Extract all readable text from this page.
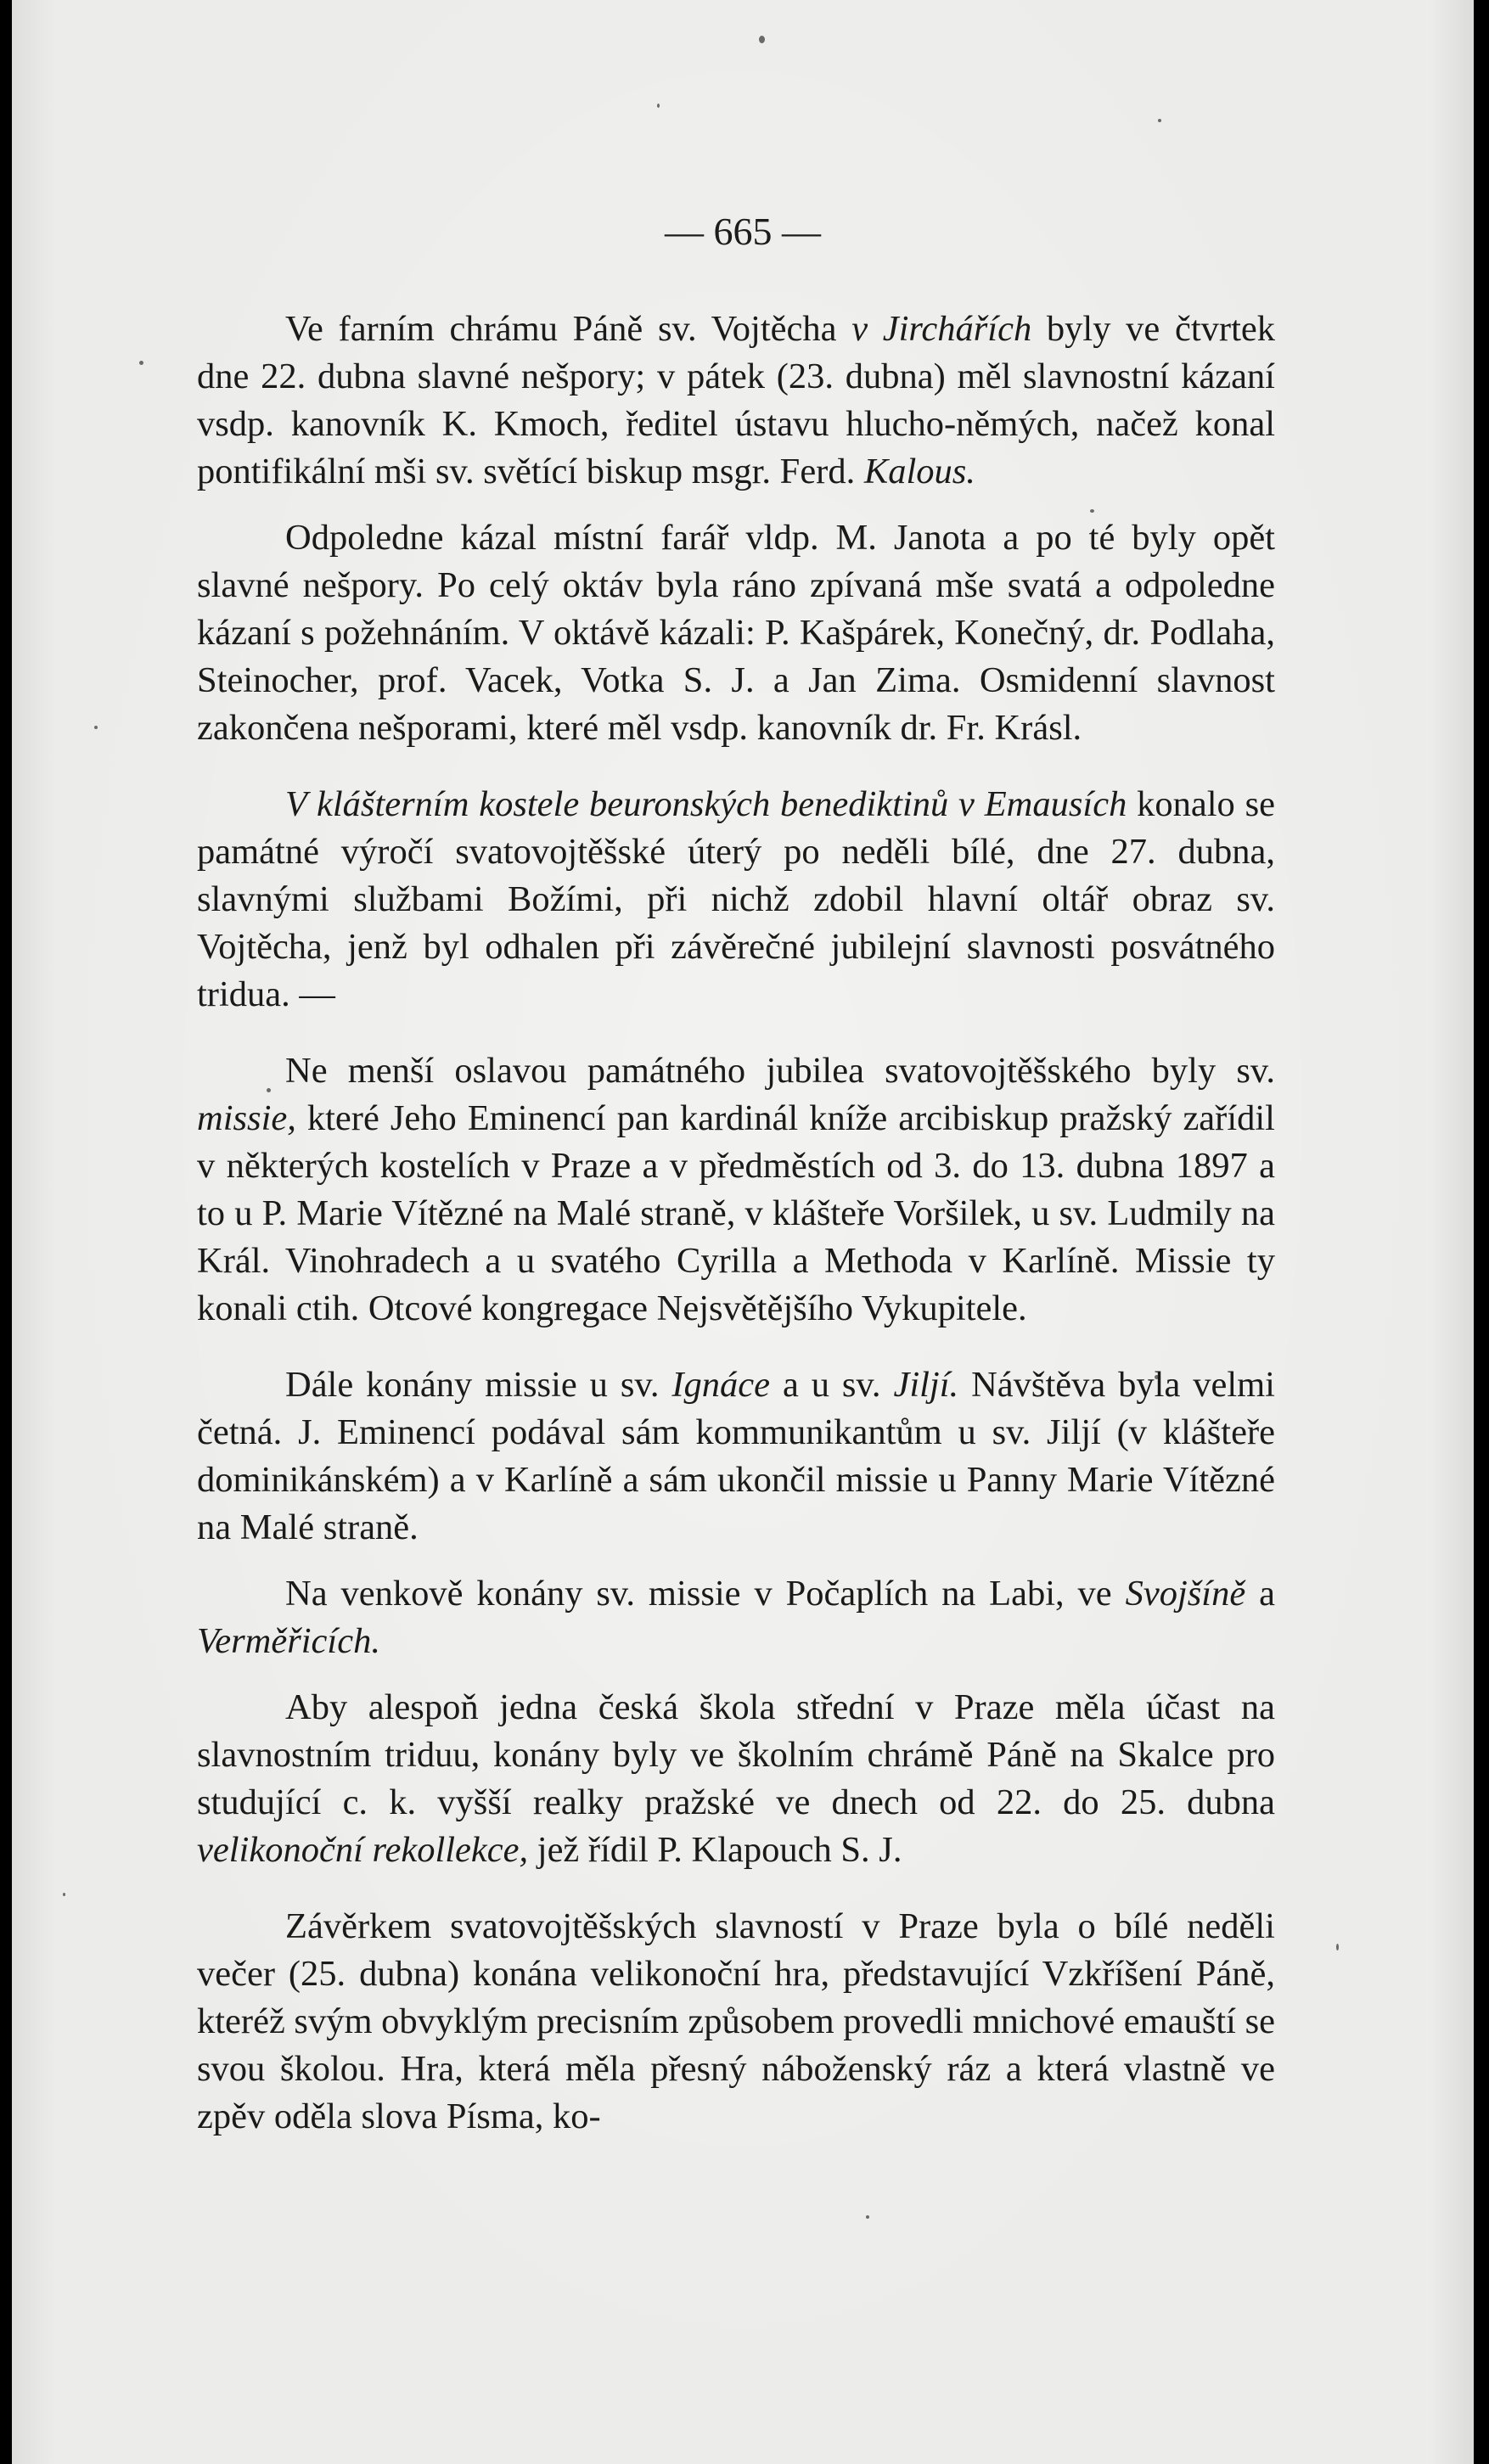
— 665 —

Ve farním chrámu Páně sv. Vojtěcha v Jirchářích byly ve čtvrtek dne 22. dubna slavné nešpory; v pátek (23. dubna) měl slavnostní kázaní vsdp. kanovník K. Kmoch, ředitel ústavu hlucho-němých, načež konal pontifikální mši sv. světící biskup msgr. Ferd. Kalous.

Odpoledne kázal místní farář vldp. M. Janota a po té byly opět slavné nešpory. Po celý oktáv byla ráno zpívaná mše svatá a odpoledne kázaní s požehnáním. V oktávě kázali: P. Kašpárek, Konečný, dr. Podlaha, Steinocher, prof. Vacek, Votka S. J. a Jan Zima. Osmidenní slavnost zakončena nešporami, které měl vsdp. kanovník dr. Fr. Krásl.

V klášterním kostele beuronských benediktinů v Emausích konalo se památné výročí svatovojtěšské úterý po neděli bílé, dne 27. dubna, slavnými službami Božími, při nichž zdobil hlavní oltář obraz sv. Vojtěcha, jenž byl odhalen při závěrečné jubilejní slavnosti posvátného tridua. —

Ne menší oslavou památného jubilea svatovojtěšského byly sv. missie, které Jeho Eminencí pan kardinál kníže arcibiskup pražský zařídil v některých kostelích v Praze a v předměstích od 3. do 13. dubna 1897 a to u P. Marie Vítězné na Malé straně, v klášteře Voršilek, u sv. Ludmily na Král. Vinohradech a u svatého Cyrilla a Methoda v Karlíně. Missie ty konali ctih. Otcové kongregace Nejsvětějšího Vykupitele.

Dále konány missie u sv. Ignáce a u sv. Jiljí. Návštěva byla velmi četná. J. Eminencí podával sám kommunikantům u sv. Jiljí (v klášteře dominikánském) a v Karlíně a sám ukončil missie u Panny Marie Vítězné na Malé straně.

Na venkově konány sv. missie v Počaplích na Labi, ve Svojšíně a Verměřicích.

Aby alespoň jedna česká škola střední v Praze měla účast na slavnostním triduu, konány byly ve školním chrámě Páně na Skalce pro studující c. k. vyšší realky pražské ve dnech od 22. do 25. dubna velikonoční rekollekce, jež řídil P. Klapouch S. J.

Závěrkem svatovojtěšských slavností v Praze byla o bílé neděli večer (25. dubna) konána velikonoční hra, představující Vzkříšení Páně, kteréž svým obvyklým precisním způsobem provedli mnichové emauští se svou školou. Hra, která měla přesný náboženský ráz a která vlastně ve zpěv oděla slova Písma, ko-
